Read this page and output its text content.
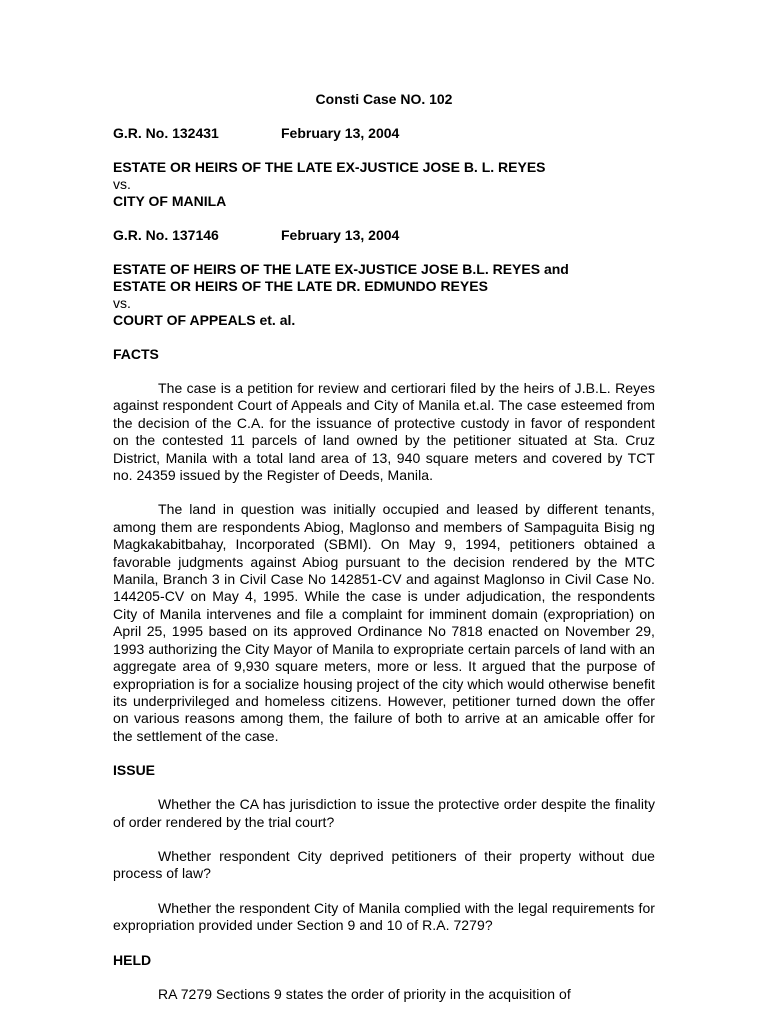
Consti Case NO. 102

G.R. No. 132431	February 13, 2004

ESTATE OR HEIRS OF THE LATE EX-JUSTICE JOSE B. L. REYES

vs.

CITY OF MANILA

G.R. No. 137146	February 13, 2004

ESTATE OF HEIRS OF THE LATE EX-JUSTICE JOSE B.L. REYES and

ESTATE OR HEIRS OF THE LATE DR. EDMUNDO REYES

vs.

COURT OF APPEALS et. al.

FACTS

The case is a petition for review and certiorari filed by the heirs of J.B.L. Reyes against respondent Court of Appeals and City of Manila et.al. The case esteemed from the decision of the C.A. for the issuance of protective custody in favor of respondent on the contested 11 parcels of land owned by the petitioner situated at Sta. Cruz District, Manila with a total land area of 13, 940 square meters and covered by TCT no. 24359 issued by the Register of Deeds, Manila.

The land in question was initially occupied and leased by different tenants, among them are respondents Abiog, Maglonso and members of Sampaguita Bisig ng Magkakabitbahay, Incorporated (SBMI). On May 9, 1994, petitioners obtained a favorable judgments against Abiog pursuant to the decision rendered by the MTC Manila, Branch 3 in Civil Case No 142851-CV and against Maglonso in Civil Case No. 144205-CV on May 4, 1995. While the case is under adjudication, the respondents City of Manila intervenes and file a complaint for imminent domain (expropriation) on April 25, 1995 based on its approved Ordinance No 7818 enacted on November 29, 1993 authorizing the City Mayor of Manila to expropriate certain parcels of land with an aggregate area of 9,930 square meters, more or less. It argued that the purpose of expropriation is for a socialize housing project of the city which would otherwise benefit its underprivileged and homeless citizens. However, petitioner turned down the offer on various reasons among them, the failure of both to arrive at an amicable offer for the settlement of the case.

ISSUE

Whether the CA has jurisdiction to issue the protective order despite the finality of order rendered by the trial court?

Whether respondent City deprived petitioners of their property without due process of law?

Whether the respondent City of Manila complied with the legal requirements for expropriation provided under Section 9 and 10 of R.A. 7279?

HELD

RA 7279 Sections 9 states the order of priority in the acquisition of
